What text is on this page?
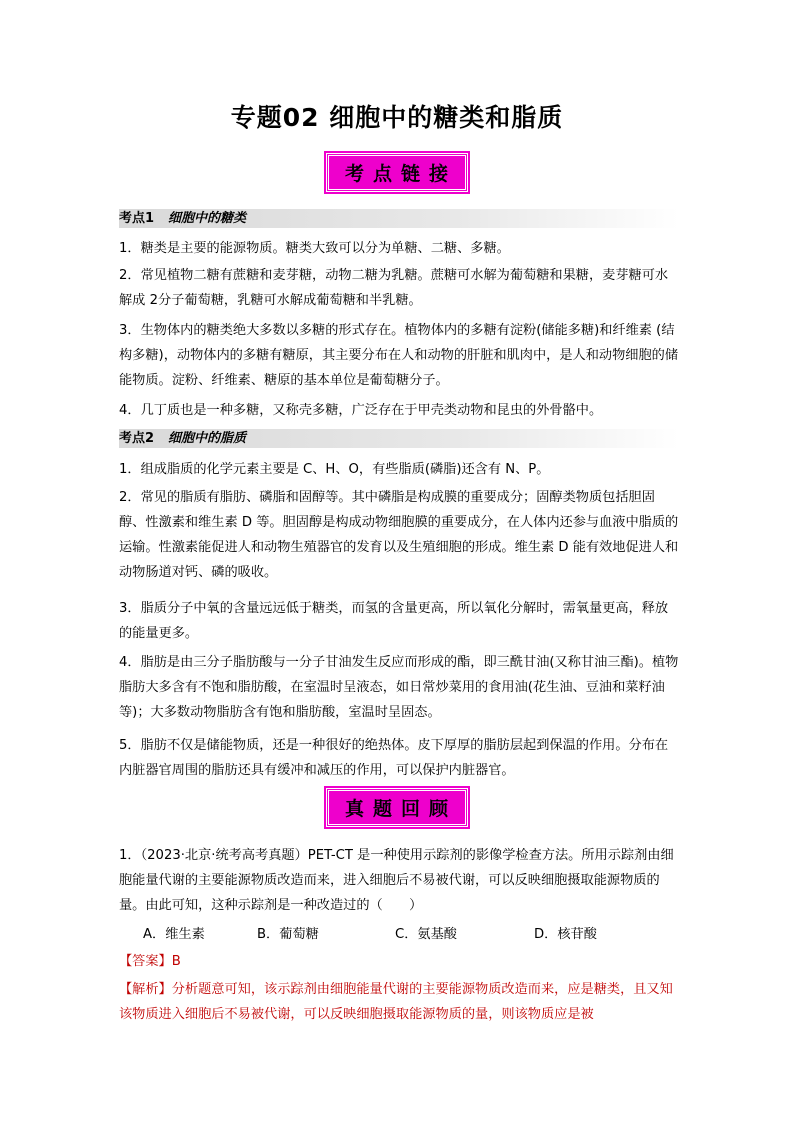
专题02 细胞中的糖类和脂质
考点链接
考点1 细胞中的糖类
1．糖类是主要的能源物质。糖类大致可以分为单糖、二糖、多糖。
2．常见植物二糖有蔗糖和麦芽糖，动物二糖为乳糖。蔗糖可水解为葡萄糖和果糖，麦芽糖可水解成 2分子葡萄糖，乳糖可水解成葡萄糖和半乳糖。
3．生物体内的糖类绝大多数以多糖的形式存在。植物体内的多糖有淀粉(储能多糖)和纤维素 (结构多糖)，动物体内的多糖有糖原，其主要分布在人和动物的肝脏和肌肉中，是人和动物细胞的储能物质。淀粉、纤维素、糖原的基本单位是葡萄糖分子。
4．几丁质也是一种多糖，又称壳多糖，广泛存在于甲壳类动物和昆虫的外骨骼中。
考点2 细胞中的脂质
1．组成脂质的化学元素主要是 C、H、O，有些脂质(磷脂)还含有 N、P。
2．常见的脂质有脂肪、磷脂和固醇等。其中磷脂是构成膜的重要成分；固醇类物质包括胆固醇、性激素和维生素 D 等。胆固醇是构成动物细胞膜的重要成分，在人体内还参与血液中脂质的运输。性激素能促进人和动物生殖器官的发育以及生殖细胞的形成。维生素 D 能有效地促进人和动物肠道对钙、磷的吸收。
3．脂质分子中氧的含量远远低于糖类，而氢的含量更高，所以氧化分解时，需氧量更高，释放的能量更多。
4．脂肪是由三分子脂肪酸与一分子甘油发生反应而形成的酯，即三酰甘油(又称甘油三酯)。植物脂肪大多含有不饱和脂肪酸，在室温时呈液态，如日常炒菜用的食用油(花生油、豆油和菜籽油等)；大多数动物脂肪含有饱和脂肪酸，室温时呈固态。
5．脂肪不仅是储能物质，还是一种很好的绝热体。皮下厚厚的脂肪层起到保温的作用。分布在内脏器官周围的脂肪还具有缓冲和减压的作用，可以保护内脏器官。
真题回顾
1．（2023·北京·统考高考真题）PET-CT 是一种使用示踪剂的影像学检查方法。所用示踪剂由细胞能量代谢的主要能源物质改造而来，进入细胞后不易被代谢，可以反映细胞摄取能源物质的量。由此可知，这种示踪剂是一种改造过的（　　）
A．维生素	B．葡萄糖	C．氨基酸	D．核苷酸
【答案】B
【解析】分析题意可知，该示踪剂由细胞能量代谢的主要能源物质改造而来，应是糖类，且又知该物质进入细胞后不易被代谢，可以反映细胞摄取能源物质的量，则该物质应是被
